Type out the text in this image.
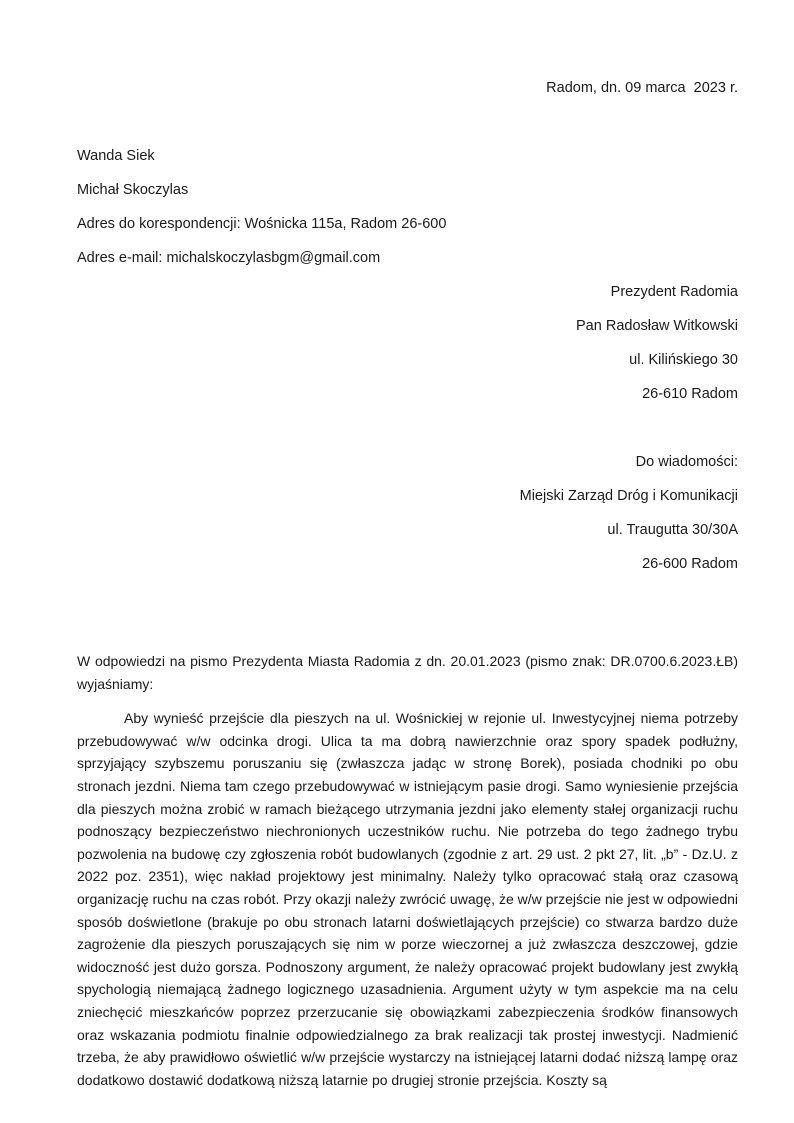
Radom, dn. 09 marca  2023 r.

Wanda Siek

Michał Skoczylas

Adres do korespondencji: Wośnicka 115a, Radom 26-600

Adres e-mail: michalskoczylasbgm@gmail.com

Prezydent Radomia

Pan Radosław Witkowski

ul. Kilińskiego 30

26-610 Radom

Do wiadomości:

Miejski Zarząd Dróg i Komunikacji

ul. Traugutta 30/30A

26-600 Radom

W odpowiedzi na pismo Prezydenta Miasta Radomia z dn. 20.01.2023 (pismo znak: DR.0700.6.2023.ŁB) wyjaśniamy:

Aby wynieść przejście dla pieszych na ul. Wośnickiej w rejonie ul. Inwestycyjnej niema potrzeby przebudowywać w/w odcinka drogi. Ulica ta ma dobrą nawierzchnie oraz spory spadek podłużny, sprzyjający szybszemu poruszaniu się (zwłaszcza jadąc w stronę Borek), posiada chodniki po obu stronach jezdni. Niema tam czego przebudowywać w istniejącym pasie drogi. Samo wyniesienie przejścia dla pieszych można zrobić w ramach bieżącego utrzymania jezdni jako elementy stałej organizacji ruchu podnoszący bezpieczeństwo niechronionych uczestników ruchu. Nie potrzeba do tego żadnego trybu pozwolenia na budowę czy zgłoszenia robót budowlanych (zgodnie z art. 29 ust. 2 pkt 27, lit. „b” - Dz.U. z 2022 poz. 2351), więc nakład projektowy jest minimalny. Należy tylko opracować stałą oraz czasową organizację ruchu na czas robót. Przy okazji należy zwrócić uwagę, że w/w przejście nie jest w odpowiedni sposób doświetlone (brakuje po obu stronach latarni doświetlających przejście) co stwarza bardzo duże zagrożenie dla pieszych poruszających się nim w porze wieczornej a już zwłaszcza deszczowej, gdzie widoczność jest dużo gorsza. Podnoszony argument, że należy opracować projekt budowlany jest zwykłą spychologią niemającą żadnego logicznego uzasadnienia. Argument użyty w tym aspekcie ma na celu zniechęcić mieszkańców poprzez przerzucanie się obowiązkami zabezpieczenia środków finansowych oraz wskazania podmiotu finalnie odpowiedzialnego za brak realizacji tak prostej inwestycji. Nadmienić trzeba, że aby prawidłowo oświetlić w/w przejście wystarczy na istniejącej latarni dodać niższą lampę oraz dodatkowo dostawić dodatkową niższą latarnie po drugiej stronie przejścia. Koszty są
